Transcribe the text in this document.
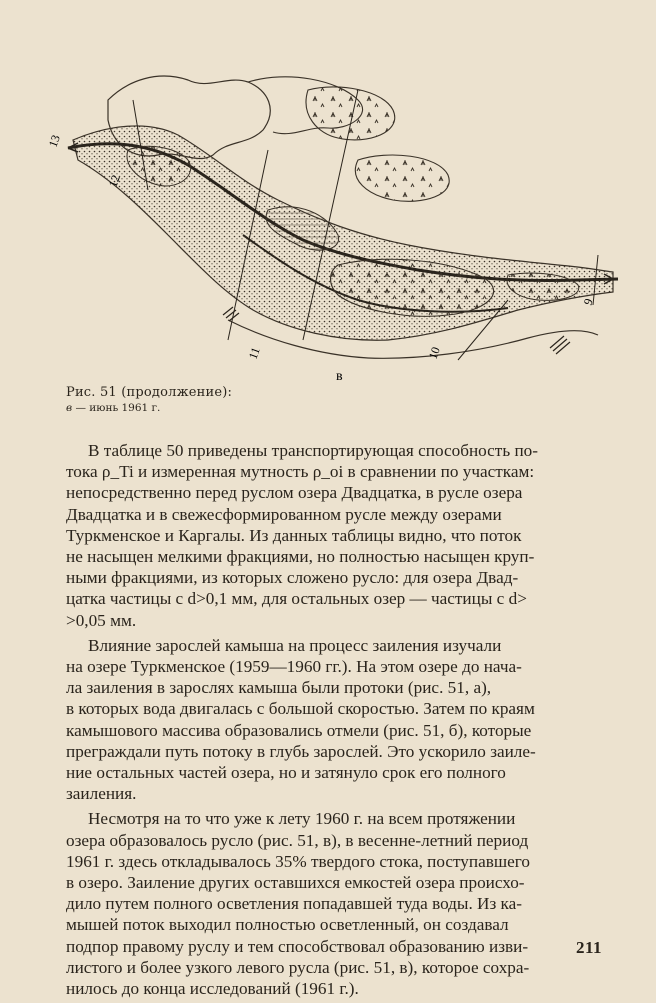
13
12
11	10
9
в
Рис. 51 (продолжение):
в — июнь 1961 г.

В таблице 50 приведены транспортирующая способность по-
тока ρ_Ti и измеренная мутность ρ_oi в сравнении по участкам:
непосредственно перед руслом озера Двадцатка, в русле озера
Двадцатка и в свежесформированном русле между озерами
Туркменское и Каргалы. Из данных таблицы видно, что поток
не насыщен мелкими фракциями, но полностью насыщен круп-
ными фракциями, из которых сложено русло: для озера Двад-
цатка частицы с d>0,1 мм, для остальных озер — частицы с d>
>0,05 мм.

Влияние зарослей камыша на процесс заиления изучали
на озере Туркменское (1959—1960 гг.). На этом озере до нача-
ла заиления в зарослях камыша были протоки (рис. 51, а),
в которых вода двигалась с большой скоростью. Затем по краям
камышового массива образовались отмели (рис. 51, б), которые
преграждали путь потоку в глубь зарослей. Это ускорило заиле-
ние остальных частей озера, но и затянуло срок его полного
заиления.

Несмотря на то что уже к лету 1960 г. на всем протяжении
озера образовалось русло (рис. 51, в), в весенне-летний период
1961 г. здесь откладывалось 35% твердого стока, поступавшего
в озеро. Заиление других оставшихся емкостей озера происхо-
дило путем полного осветления попадавшей туда воды. Из ка-
мышей поток выходил полностью осветленный, он создавал
подпор правому руслу и тем способствовал образованию изви-
листого и более узкого левого русла (рис. 51, в), которое сохра-
нилось до конца исследований (1961 г.).

211
